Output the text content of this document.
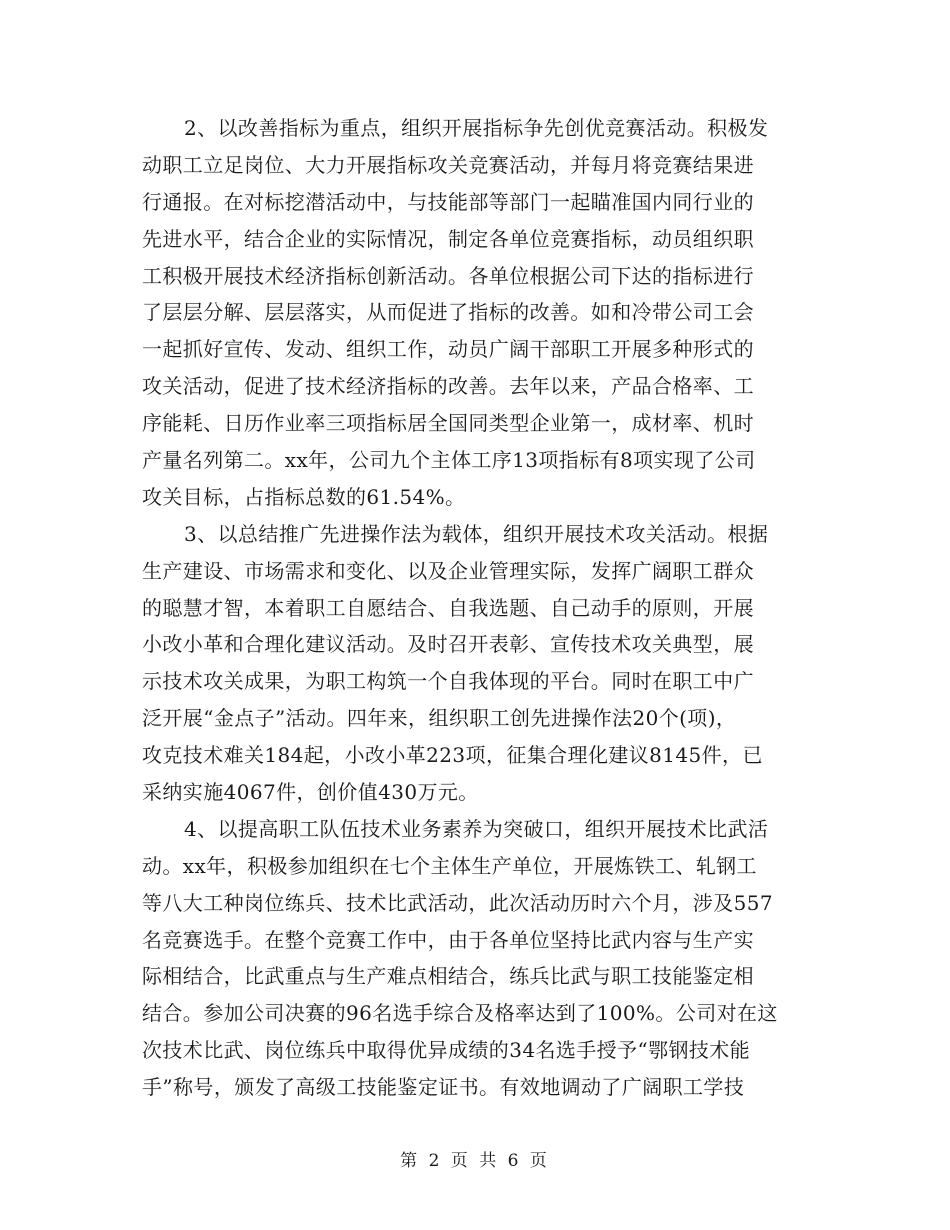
2、以改善指标为重点，组织开展指标争先创优竞赛活动。积极发
动职工立足岗位、大力开展指标攻关竞赛活动，并每月将竞赛结果进
行通报。在对标挖潜活动中，与技能部等部门一起瞄准国内同行业的
先进水平，结合企业的实际情况，制定各单位竞赛指标，动员组织职
工积极开展技术经济指标创新活动。各单位根据公司下达的指标进行
了层层分解、层层落实，从而促进了指标的改善。如和冷带公司工会
一起抓好宣传、发动、组织工作，动员广阔干部职工开展多种形式的
攻关活动，促进了技术经济指标的改善。去年以来，产品合格率、工
序能耗、日历作业率三项指标居全国同类型企业第一，成材率、机时
产量名列第二。xx年，公司九个主体工序13项指标有8项实现了公司
攻关目标，占指标总数的61.54%。
3、以总结推广先进操作法为载体，组织开展技术攻关活动。根据
生产建设、市场需求和变化、以及企业管理实际，发挥广阔职工群众
的聪慧才智，本着职工自愿结合、自我选题、自己动手的原则，开展
小改小革和合理化建议活动。及时召开表彰、宣传技术攻关典型，展
示技术攻关成果，为职工构筑一个自我体现的平台。同时在职工中广
泛开展“金点子”活动。四年来，组织职工创先进操作法20个(项)，
攻克技术难关184起，小改小革223项，征集合理化建议8145件，已
采纳实施4067件，创价值430万元。
4、以提高职工队伍技术业务素养为突破口，组织开展技术比武活
动。xx年，积极参加组织在七个主体生产单位，开展炼铁工、轧钢工
等八大工种岗位练兵、技术比武活动，此次活动历时六个月，涉及557
名竞赛选手。在整个竞赛工作中，由于各单位坚持比武内容与生产实
际相结合，比武重点与生产难点相结合，练兵比武与职工技能鉴定相
结合。参加公司决赛的96名选手综合及格率达到了100%。公司对在这
次技术比武、岗位练兵中取得优异成绩的34名选手授予“鄂钢技术能
手”称号，颁发了高级工技能鉴定证书。有效地调动了广阔职工学技
第 2 页 共 6 页
